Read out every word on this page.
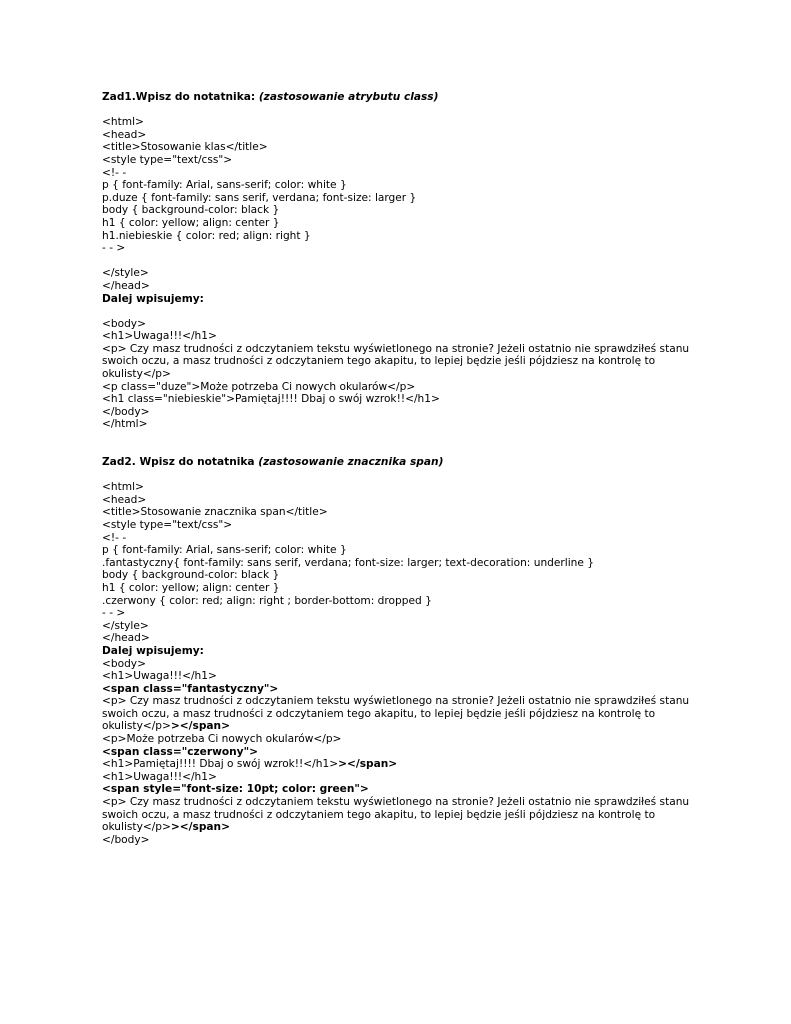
Zad1.Wpisz do notatnika: (zastosowanie atrybutu class)
<html>
<head>
<title>Stosowanie klas</title>
<style type="text/css">
<!- -
p { font-family: Arial, sans-serif; color: white }
p.duze { font-family: sans serif, verdana; font-size: larger }
body { background-color: black }
h1 { color: yellow; align: center }
h1.niebieskie { color: red; align: right }
- - >
</style>
</head>
Dalej wpisujemy:
<body>
<h1>Uwaga!!!</h1>
<p> Czy masz trudności z odczytaniem tekstu wyświetlonego na stronie? Jeżeli ostatnio nie sprawdziłeś stanu swoich oczu, a masz trudności z odczytaniem tego akapitu, to lepiej będzie jeśli pójdziesz na kontrolę to okulisty</p>
<p class="duze">Może potrzeba Ci nowych okularów</p>
<h1 class="niebieskie">Pamiętaj!!!! Dbaj o swój wzrok!!</h1>
</body>
</html>
Zad2. Wpisz do notatnika (zastosowanie znacznika span)
<html>
<head>
<title>Stosowanie znacznika span</title>
<style type="text/css">
<!- -
p { font-family: Arial, sans-serif; color: white }
.fantastyczny{ font-family: sans serif, verdana; font-size: larger; text-decoration: underline }
body { background-color: black }
h1 { color: yellow; align: center }
.czerwony { color: red; align: right ; border-bottom: dropped }
- - >
</style>
</head>
Dalej wpisujemy:
<body>
<h1>Uwaga!!!</h1>
<span class="fantastyczny">
<p> Czy masz trudności z odczytaniem tekstu wyświetlonego na stronie? Jeżeli ostatnio nie sprawdziłeś stanu swoich oczu, a masz trudności z odczytaniem tego akapitu, to lepiej będzie jeśli pójdziesz na kontrolę to okulisty</p>></span>
<p>Może potrzeba Ci nowych okularów</p>
<span class="czerwony">
<h1>Pamiętaj!!!! Dbaj o swój wzrok!!</h1>></span>
<h1>Uwaga!!!</h1>
<span style="font-size: 10pt; color: green">
<p> Czy masz trudności z odczytaniem tekstu wyświetlonego na stronie? Jeżeli ostatnio nie sprawdziłeś stanu swoich oczu, a masz trudności z odczytaniem tego akapitu, to lepiej będzie jeśli pójdziesz na kontrolę to okulisty</p>></span>
</body>
